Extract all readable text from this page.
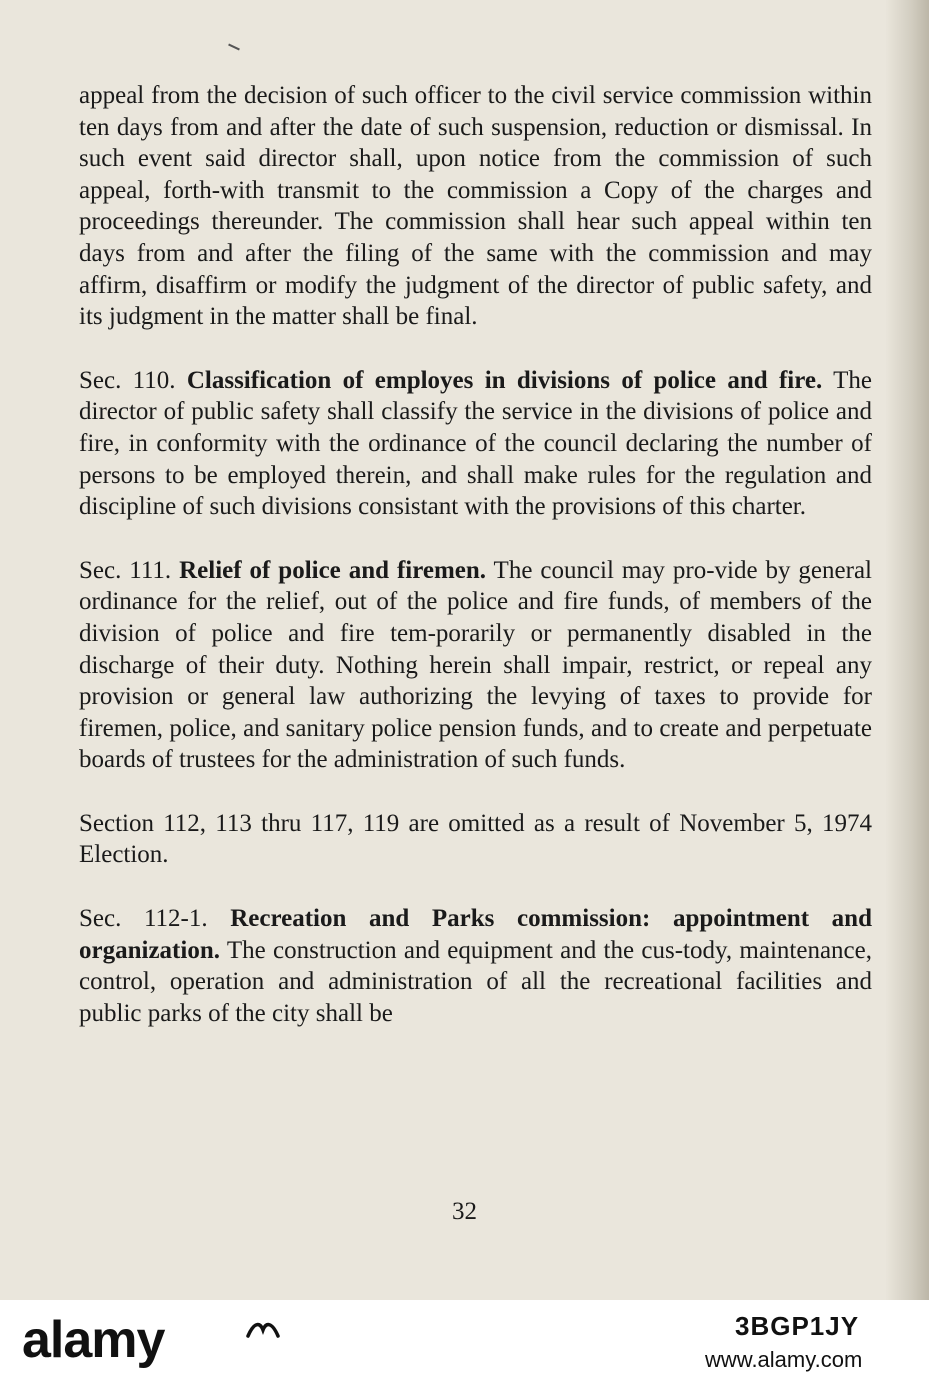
appeal from the decision of such officer to the civil service commission within ten days from and after the date of such suspension, reduction or dismissal. In such event said director shall, upon notice from the commission of such appeal, forth-with transmit to the commission a Copy of the charges and proceedings thereunder. The commission shall hear such appeal within ten days from and after the filing of the same with the commission and may affirm, disaffirm or modify the judgment of the director of public safety, and its judgment in the matter shall be final.

Sec. 110. Classification of employes in divisions of police and fire. The director of public safety shall classify the service in the divisions of police and fire, in conformity with the ordinance of the council declaring the number of persons to be employed therein, and shall make rules for the regulation and discipline of such divisions consistant with the provisions of this charter.

Sec. 111. Relief of police and firemen. The council may pro-vide by general ordinance for the relief, out of the police and fire funds, of members of the division of police and fire tem-porarily or permanently disabled in the discharge of their duty. Nothing herein shall impair, restrict, or repeal any provision or general law authorizing the levying of taxes to provide for firemen, police, and sanitary police pension funds, and to create and perpetuate boards of trustees for the administration of such funds.

Section 112, 113 thru 117, 119 are omitted as a result of November 5, 1974 Election.

Sec. 112-1. Recreation and Parks commission: appointment and organization. The construction and equipment and the cus-tody, maintenance, control, operation and administration of all the recreational facilities and public parks of the city shall be

32
alamy	3BGP1JY
www.alamy.com
